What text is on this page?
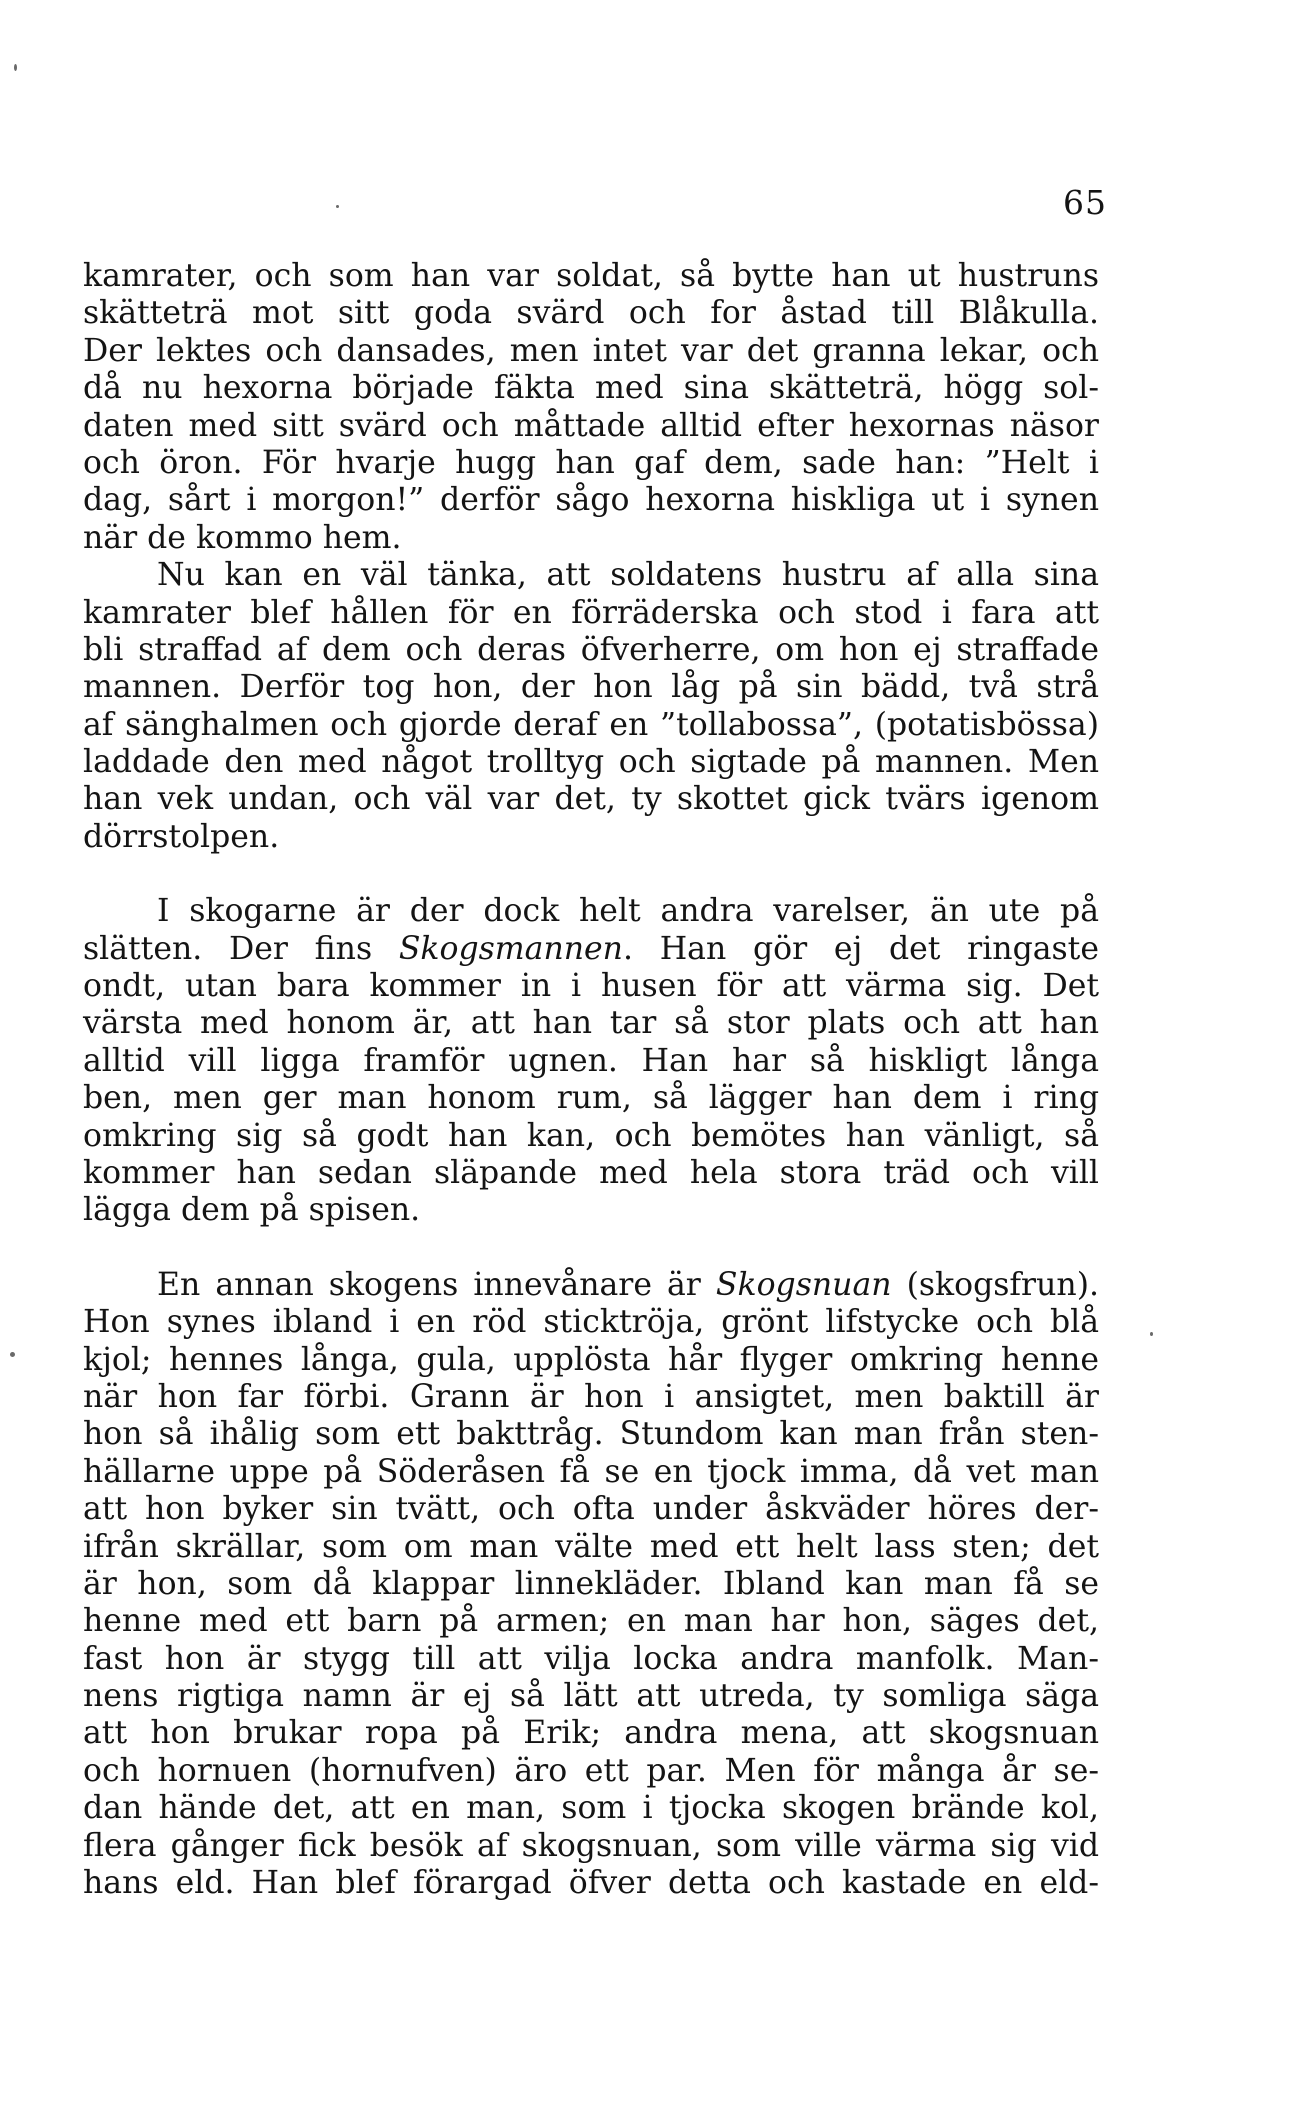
65
kamrater, och som han var soldat, så bytte han ut hustruns
skätteträ mot sitt goda svärd och for åstad till Blåkulla.
Der lektes och dansades, men intet var det granna lekar, och
då nu hexorna började fäkta med sina skätteträ, högg sol-
daten med sitt svärd och måttade alltid efter hexornas näsor
och öron. För hvarje hugg han gaf dem, sade han: ”Helt i
dag, sårt i morgon!” derför sågo hexorna hiskliga ut i synen
när de kommo hem.
Nu kan en väl tänka, att soldatens hustru af alla sina
kamrater blef hållen för en förräderska och stod i fara att
bli straffad af dem och deras öfverherre, om hon ej straffade
mannen. Derför tog hon, der hon låg på sin bädd, två strå
af sänghalmen och gjorde deraf en ”tollabossa”, (potatisbössa)
laddade den med något trolltyg och sigtade på mannen. Men
han vek undan, och väl var det, ty skottet gick tvärs igenom
dörrstolpen.
I skogarne är der dock helt andra varelser, än ute på
slätten. Der fins Skogsmannen. Han gör ej det ringaste
ondt, utan bara kommer in i husen för att värma sig. Det
värsta med honom är, att han tar så stor plats och att han
alltid vill ligga framför ugnen. Han har så hiskligt långa
ben, men ger man honom rum, så lägger han dem i ring
omkring sig så godt han kan, och bemötes han vänligt, så
kommer han sedan släpande med hela stora träd och vill
lägga dem på spisen.
En annan skogens innevånare är Skogsnuan (skogsfrun).
Hon synes ibland i en röd sticktröja, grönt lifstycke och blå
kjol; hennes långa, gula, upplösta hår flyger omkring henne
när hon far förbi. Grann är hon i ansigtet, men baktill är
hon så ihålig som ett bakttråg. Stundom kan man från sten-
hällarne uppe på Söderåsen få se en tjock imma, då vet man
att hon byker sin tvätt, och ofta under åskväder höres der-
ifrån skrällar, som om man välte med ett helt lass sten; det
är hon, som då klappar linnekläder. Ibland kan man få se
henne med ett barn på armen; en man har hon, säges det,
fast hon är stygg till att vilja locka andra manfolk. Man-
nens rigtiga namn är ej så lätt att utreda, ty somliga säga
att hon brukar ropa på Erik; andra mena, att skogsnuan
och hornuen (hornufven) äro ett par. Men för många år se-
dan hände det, att en man, som i tjocka skogen brände kol,
flera gånger fick besök af skogsnuan, som ville värma sig vid
hans eld. Han blef förargad öfver detta och kastade en eld-
